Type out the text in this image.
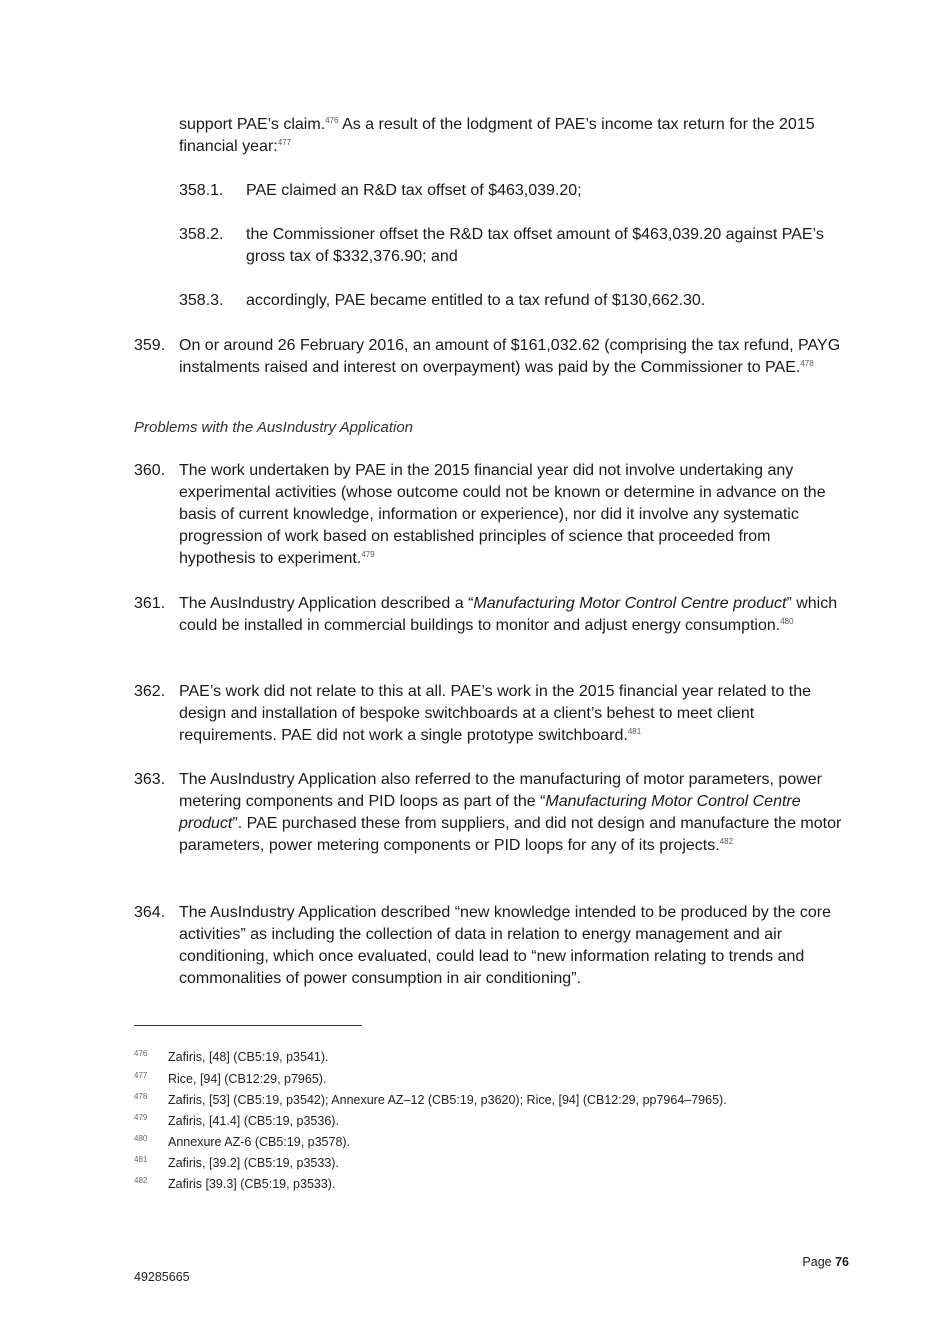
support PAE’s claim.$^{476}$ As a result of the lodgment of PAE’s income tax return for the 2015 financial year:$^{477}$

358.1. PAE claimed an R&D tax offset of $463,039.20;

358.2. the Commissioner offset the R&D tax offset amount of $463,039.20 against PAE’s gross tax of $332,376.90; and

358.3. accordingly, PAE became entitled to a tax refund of $130,662.30.

359. On or around 26 February 2016, an amount of $161,032.62 (comprising the tax refund, PAYG instalments raised and interest on overpayment) was paid by the Commissioner to PAE.$^{478}$

Problems with the AusIndustry Application
360. The work undertaken by PAE in the 2015 financial year did not involve undertaking any experimental activities (whose outcome could not be known or determine in advance on the basis of current knowledge, information or experience), nor did it involve any systematic progression of work based on established principles of science that proceeded from hypothesis to experiment.$^{479}$

361. The AusIndustry Application described a “Manufacturing Motor Control Centre product” which could be installed in commercial buildings to monitor and adjust energy consumption.$^{480}$

362. PAE’s work did not relate to this at all. PAE’s work in the 2015 financial year related to the design and installation of bespoke switchboards at a client’s behest to meet client requirements. PAE did not work a single prototype switchboard.$^{481}$

363. The AusIndustry Application also referred to the manufacturing of motor parameters, power metering components and PID loops as part of the “Manufacturing Motor Control Centre product”. PAE purchased these from suppliers, and did not design and manufacture the motor parameters, power metering components or PID loops for any of its projects.$^{482}$

364. The AusIndustry Application described “new knowledge intended to be produced by the core activities” as including the collection of data in relation to energy management and air conditioning, which once evaluated, could lead to “new information relating to trends and commonalities of power consumption in air conditioning”.

476 Zafiris, [48] (CB5:19, p3541).
477 Rice, [94] (CB12:29, p7965).
478 Zafiris, [53] (CB5:19, p3542); Annexure AZ–12 (CB5:19, p3620); Rice, [94] (CB12:29, pp7964–7965).
479 Zafiris, [41.4] (CB5:19, p3536).
480 Annexure AZ-6 (CB5:19, p3578).
481 Zafiris, [39.2] (CB5:19, p3533).
482 Zafiris [39.3] (CB5:19, p3533).
Page 76
49285665
